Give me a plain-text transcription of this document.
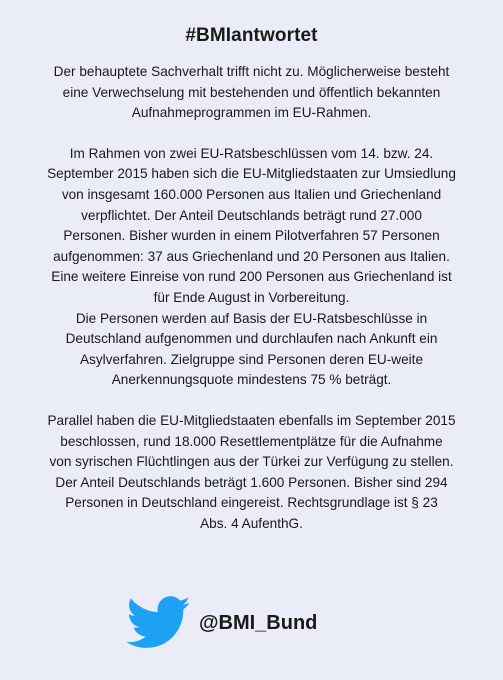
#BMIantwortet
Der behauptete Sachverhalt trifft nicht zu. Möglicherweise besteht
eine Verwechselung mit bestehenden und öffentlich bekannten
Aufnahmeprogrammen im EU-Rahmen.
Im Rahmen von zwei EU-Ratsbeschlüssen vom 14. bzw. 24.
September 2015 haben sich die EU-Mitgliedstaaten zur Umsiedlung
von insgesamt 160.000 Personen aus Italien und Griechenland
verpflichtet. Der Anteil Deutschlands beträgt rund 27.000
Personen. Bisher wurden in einem Pilotverfahren 57 Personen
aufgenommen: 37 aus Griechenland und 20 Personen aus Italien.
Eine weitere Einreise von rund 200 Personen aus Griechenland ist
für Ende August in Vorbereitung.
Die Personen werden auf Basis der EU-Ratsbeschlüsse in
Deutschland aufgenommen und durchlaufen nach Ankunft ein
Asylverfahren. Zielgruppe sind Personen deren EU-weite
Anerkennungsquote mindestens 75 % beträgt.
Parallel haben die EU-Mitgliedstaaten ebenfalls im September 2015
beschlossen, rund 18.000 Resettlementplätze für die Aufnahme
von syrischen Flüchtlingen aus der Türkei zur Verfügung zu stellen.
Der Anteil Deutschlands beträgt 1.600 Personen. Bisher sind 294
Personen in Deutschland eingereist. Rechtsgrundlage ist § 23
Abs. 4 AufenthG.
@BMI_Bund
